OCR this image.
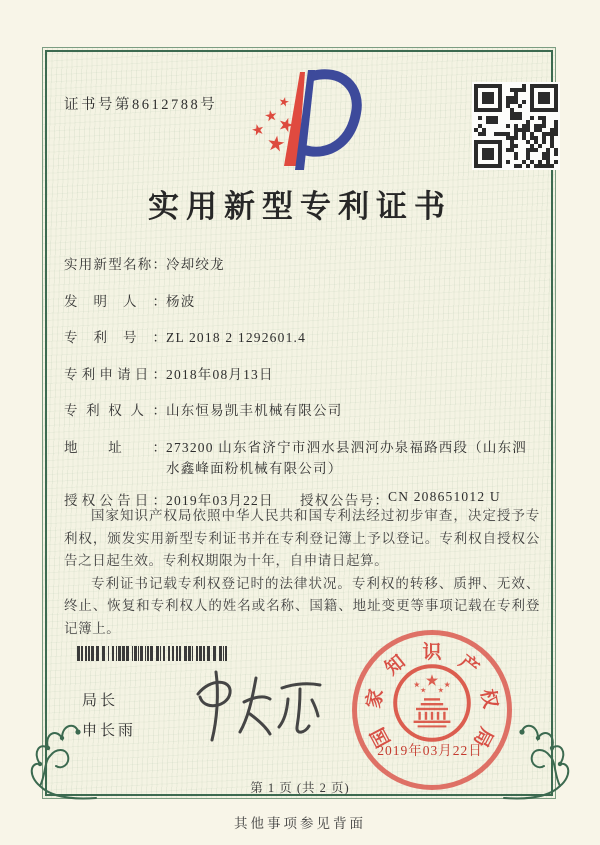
证书号第8612788号
实用新型专利证书
实用新型名称： 冷却绞龙
发明人： 杨波
专利号： ZL 2018 2 1292601.4
专利申请日： 2018年08月13日
专利权人： 山东恒易凯丰机械有限公司
地址： 273200 山东省济宁市泗水县泗河办泉福路西段（山东泗水鑫峰面粉机械有限公司）
授权公告日： 2019年03月22日	授权公告号： CN 208651012 U

国家知识产权局依照中华人民共和国专利法经过初步审查，决定授予专利权，颁发实用新型专利证书并在专利登记簿上予以登记。专利权自授权公告之日起生效。专利权期限为十年，自申请日起算。

专利证书记载专利权登记时的法律状况。专利权的转移、质押、无效、终止、恢复和专利权人的姓名或名称、国籍、地址变更等事项记载在专利登记簿上。

局长
申长雨	国
家
知 识 产
权
局
2019年03月22日
第 1 页 (共 2 页)
其他事项参见背面
